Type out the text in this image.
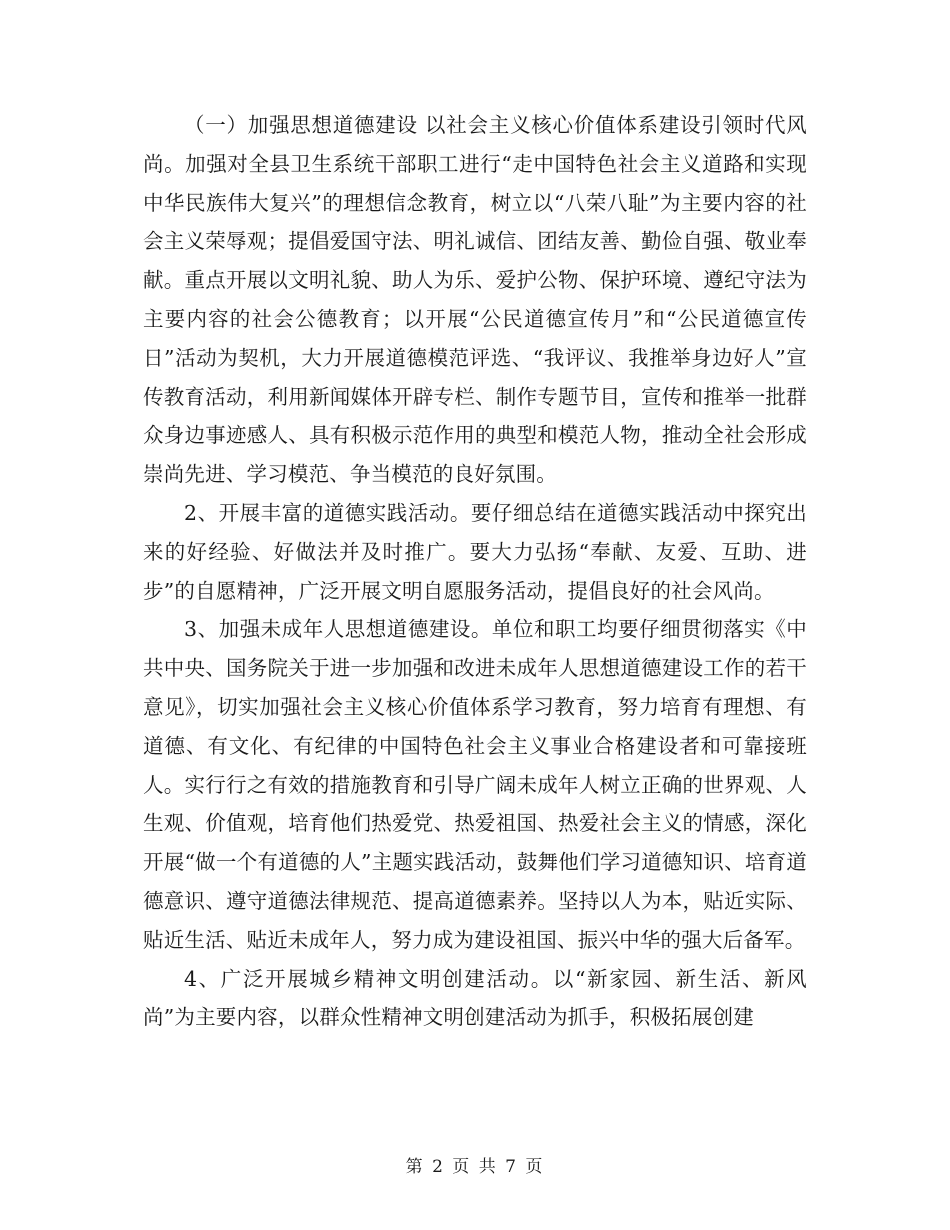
（一）加强思想道德建设 以社会主义核心价值体系建设引领时代风尚。加强对全县卫生系统干部职工进行“走中国特色社会主义道路和实现中华民族伟大复兴”的理想信念教育，树立以“八荣八耻”为主要内容的社会主义荣辱观；提倡爱国守法、明礼诚信、团结友善、勤俭自强、敬业奉献。重点开展以文明礼貌、助人为乐、爱护公物、保护环境、遵纪守法为主要内容的社会公德教育；以开展“公民道德宣传月”和“公民道德宣传日”活动为契机，大力开展道德模范评选、“我评议、我推举身边好人”宣传教育活动，利用新闻媒体开辟专栏、制作专题节目，宣传和推举一批群众身边事迹感人、具有积极示范作用的典型和模范人物，推动全社会形成崇尚先进、学习模范、争当模范的良好氛围。

2、开展丰富的道德实践活动。要仔细总结在道德实践活动中探究出来的好经验、好做法并及时推广。要大力弘扬“奉献、友爱、互助、进步”的自愿精神，广泛开展文明自愿服务活动，提倡良好的社会风尚。

3、加强未成年人思想道德建设。单位和职工均要仔细贯彻落实《中共中央、国务院关于进一步加强和改进未成年人思想道德建设工作的若干意见》，切实加强社会主义核心价值体系学习教育，努力培育有理想、有道德、有文化、有纪律的中国特色社会主义事业合格建设者和可靠接班人。实行行之有效的措施教育和引导广阔未成年人树立正确的世界观、人生观、价值观，培育他们热爱党、热爱祖国、热爱社会主义的情感，深化开展“做一个有道德的人”主题实践活动，鼓舞他们学习道德知识、培育道德意识、遵守道德法律规范、提高道德素养。坚持以人为本，贴近实际、贴近生活、贴近未成年人，努力成为建设祖国、振兴中华的强大后备军。

4、广泛开展城乡精神文明创建活动。以“新家园、新生活、新风尚”为主要内容，以群众性精神文明创建活动为抓手，积极拓展创建

第 2 页 共 7 页
